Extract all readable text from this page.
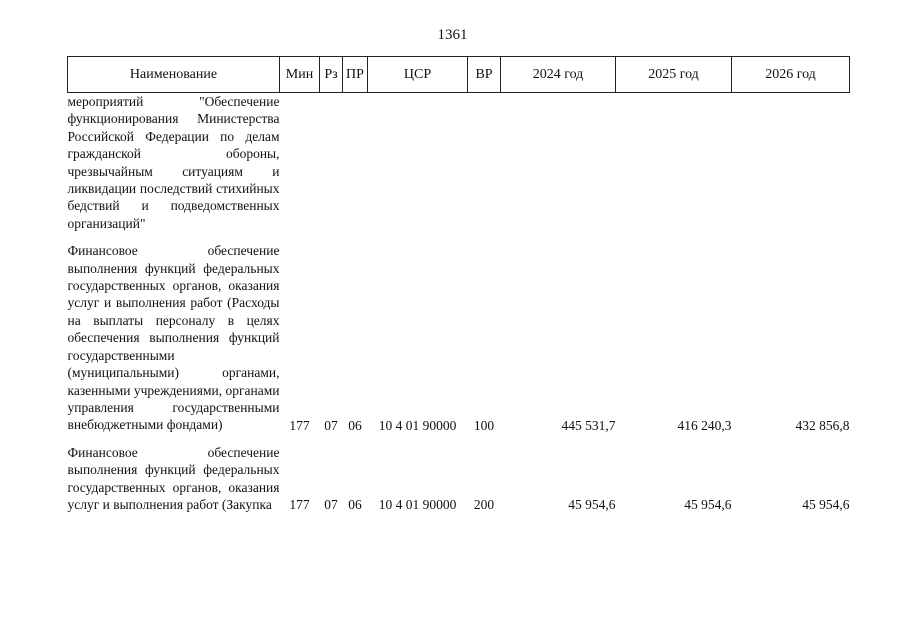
1361
Наименование	Мин	Рз	ПР	ЦСР	ВР	2024 год	2025 год	2026 год
мероприятий "Обеспечение функционирования Министерства Российской Федерации по делам гражданской обороны, чрезвычайным ситуациям и ликвидации последствий стихийных бедствий и подведомственных организаций"								

Финансовое обеспечение выполнения функций федеральных государственных органов, оказания услуг и выполнения работ (Расходы на выплаты персоналу в целях обеспечения выполнения функций государственными (муниципальными) органами, казенными учреждениями, органами управления государственными внебюджетными фондами)	177	07	06	10 4 01 90000	100	445 531,7	416 240,3	432 856,8

Финансовое обеспечение выполнения функций федеральных государственных органов, оказания услуг и выполнения работ (Закупка	177	07	06	10 4 01 90000	200	45 954,6	45 954,6	45 954,6
